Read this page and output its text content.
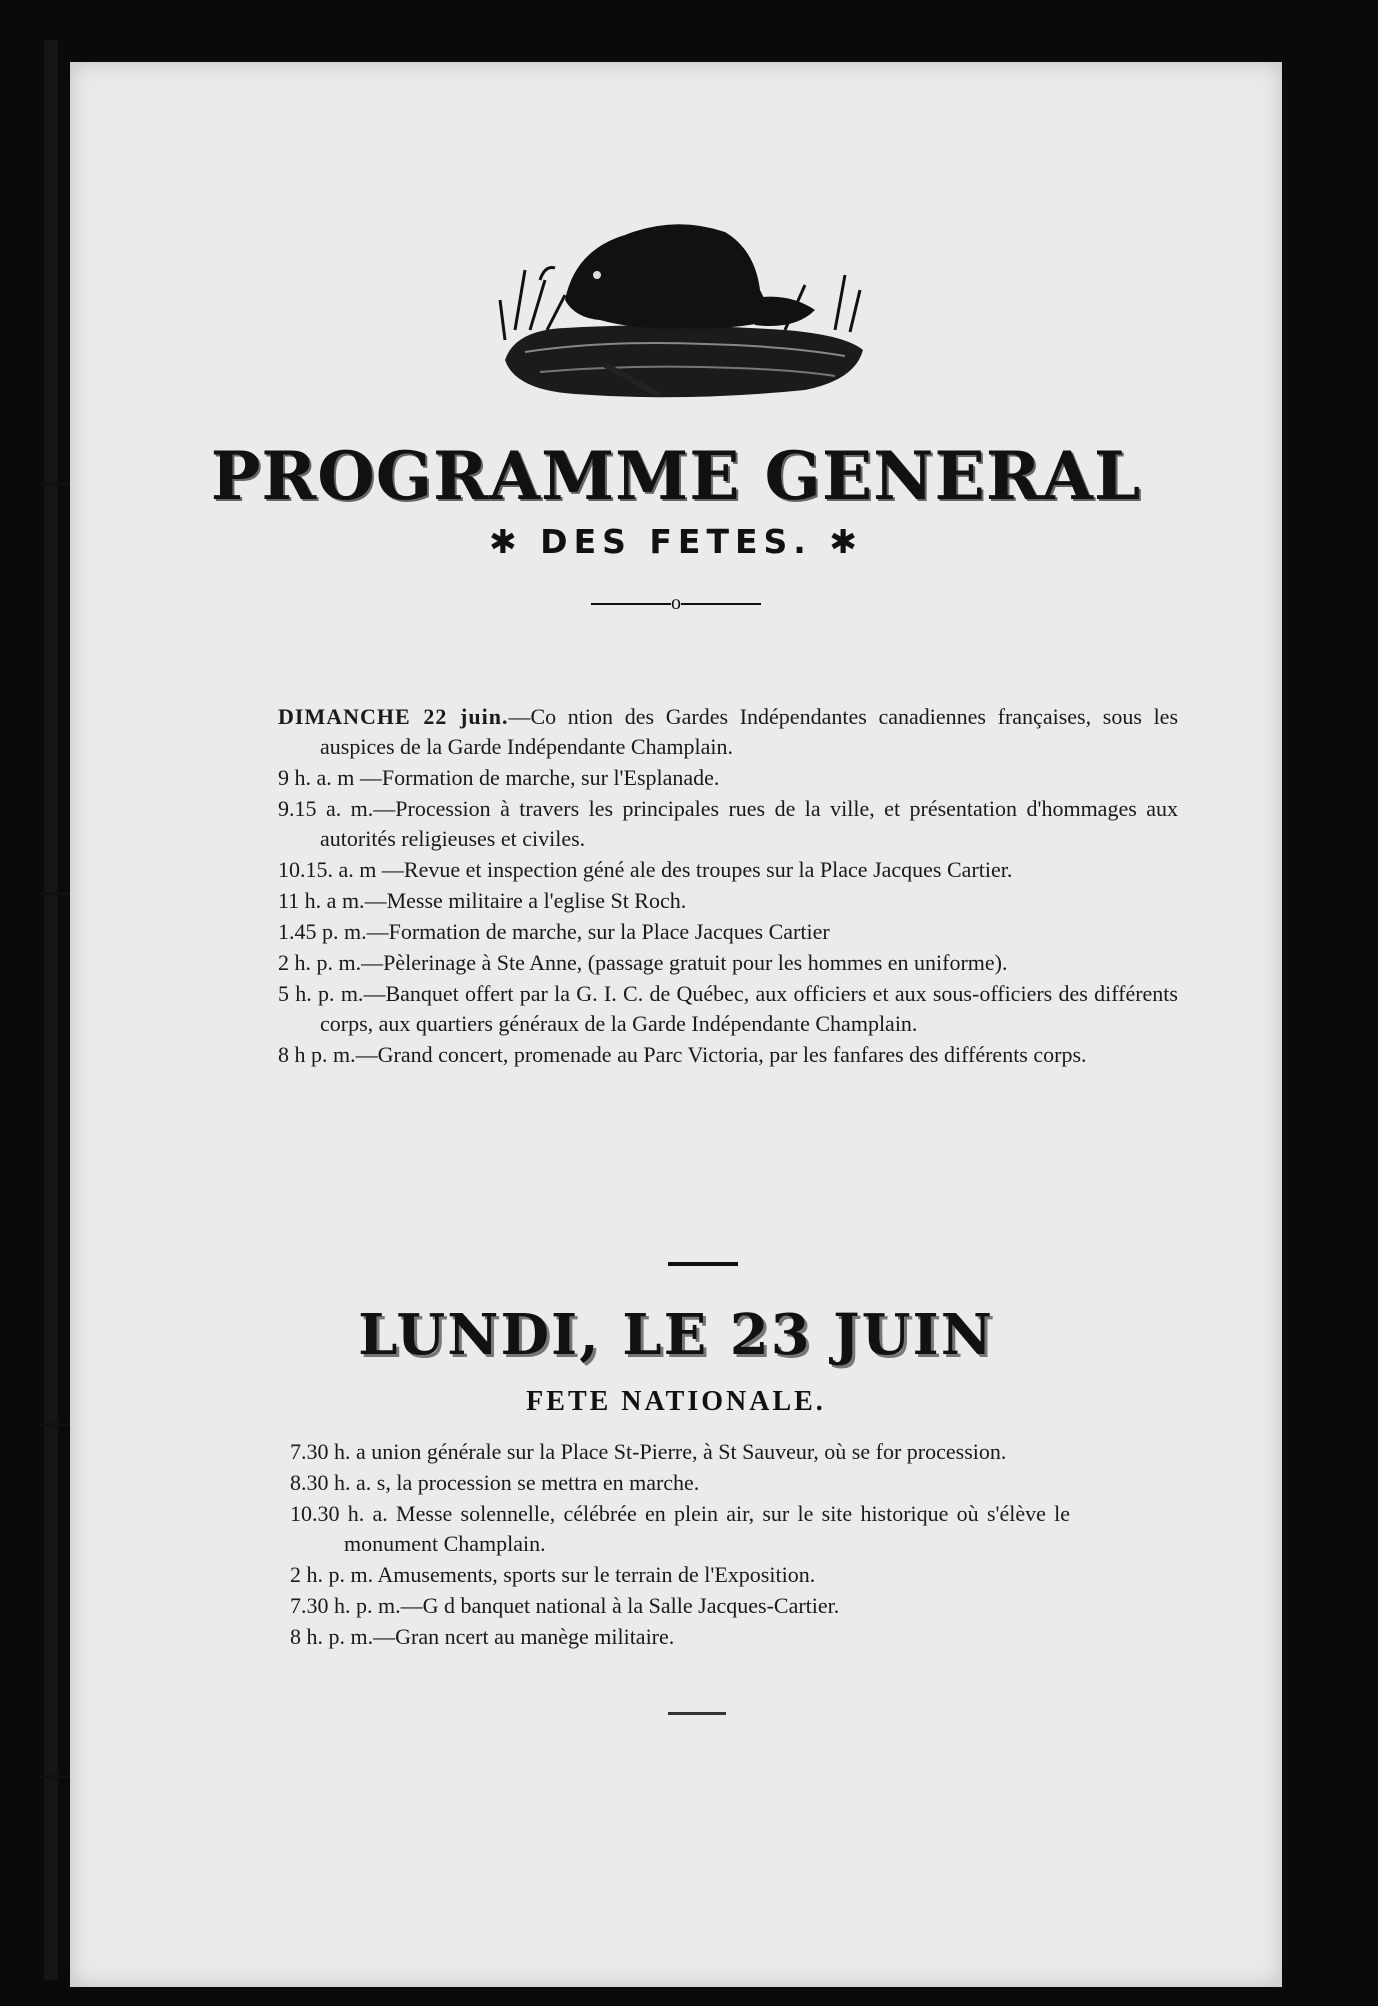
PROGRAMME GENERAL
✱ DES FETES. ✱
o

DIMANCHE 22 juin.—Co ntion des Gardes Indépendantes canadiennes françaises, sous les auspices de la Garde Indépendante Champlain.

9 h. a. m —Formation de marche, sur l'Esplanade.

9.15 a. m.—Procession à travers les principales rues de la ville, et présentation d'hommages aux autorités religieuses et civiles.

10.15. a. m —Revue et inspection géné ale des troupes sur la Place Jacques Cartier.

11 h. a m.—Messe militaire a l'eglise St Roch.

1.45 p. m.—Formation de marche, sur la Place Jacques Cartier

2 h. p. m.—Pèlerinage à Ste Anne, (passage gratuit pour les hommes en uniforme).

5 h. p. m.—Banquet offert par la G. I. C. de Québec, aux officiers et aux sous-officiers des différents corps, aux quartiers généraux de la Garde Indépendante Champlain.

8 h p. m.—Grand concert, promenade au Parc Victoria, par les fanfares des différents corps.

LUNDI, LE 23 JUIN
FETE NATIONALE.

7.30 h. a union générale sur la Place St-Pierre, à St Sauveur, où se for procession.

8.30 h. a. s, la procession se mettra en marche.

10.30 h. a. Messe solennelle, célébrée en plein air, sur le site historique où s'élève le monument Champlain.

2 h. p. m. Amusements, sports sur le terrain de l'Exposition.

7.30 h. p. m.—G d banquet national à la Salle Jacques-Cartier.

8 h. p. m.—Gran ncert au manège militaire.
